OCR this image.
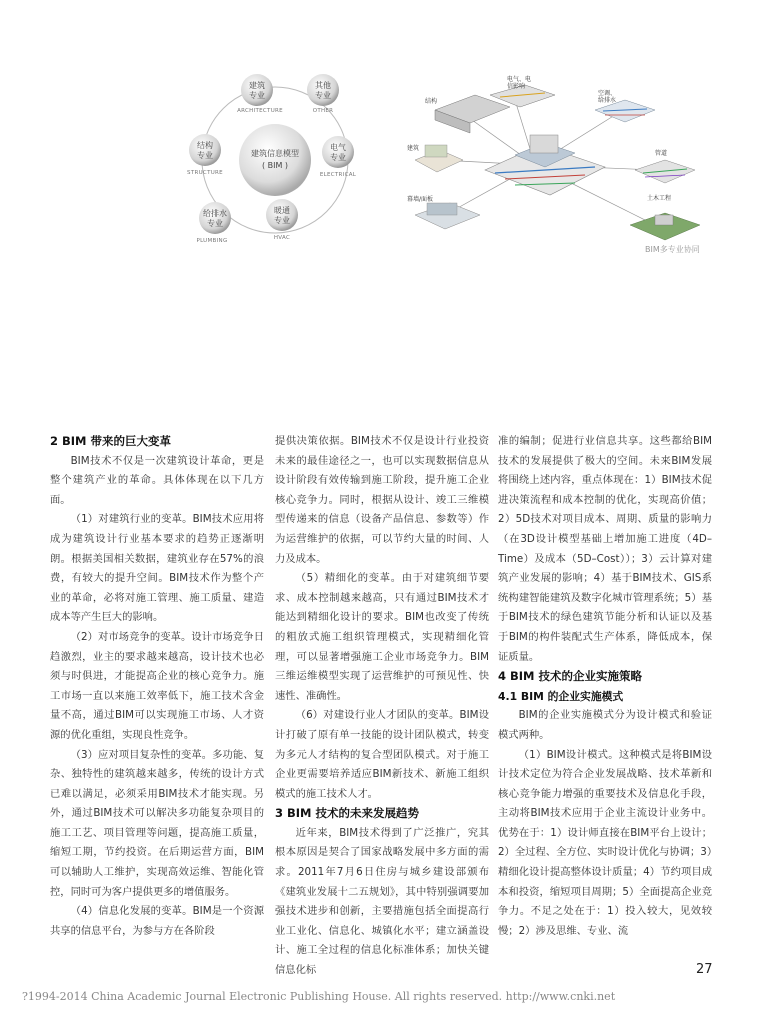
建筑信息模型
( BIM )
建筑
专业
ARCHITECTURE
其他
专业
OTHER
电气
专业
ELECTRICAL
暖通
专业
HVAC
给排水
专业
PLUMBING
结构
专业
STRUCTURE
电气、电
信影响
结构
空调、
给排水
建筑
管道
幕墙/面板	土木工程
BIM多专业协同
2 BIM 带来的巨大变革

BIM技术不仅是一次建筑设计革命，更是整个建筑产业的革命。具体体现在以下几方面。

（1）对建筑行业的变革。BIM技术应用将成为建筑设计行业基本要求的趋势正逐渐明朗。根据美国相关数据，建筑业存在57%的浪费，有较大的提升空间。BIM技术作为整个产业的革命，必将对施工管理、施工质量、建造成本等产生巨大的影响。

（2）对市场竞争的变革。设计市场竞争日趋激烈，业主的要求越来越高，设计技术也必须与时俱进，才能提高企业的核心竞争力。施工市场一直以来施工效率低下，施工技术含金量不高，通过BIM可以实现施工市场、人才资源的优化重组，实现良性竞争。

（3）应对项目复杂性的变革。多功能、复杂、独特性的建筑越来越多，传统的设计方式已难以满足，必须采用BIM技术才能实现。另外，通过BIM技术可以解决多功能复杂项目的施工工艺、项目管理等问题，提高施工质量，缩短工期，节约投资。在后期运营方面，BIM可以辅助人工维护，实现高效运维、智能化管控，同时可为客户提供更多的增值服务。

（4）信息化发展的变革。BIM是一个资源共享的信息平台，为参与方在各阶段

提供决策依据。BIM技术不仅是设计行业投资未来的最佳途径之一，也可以实现数据信息从设计阶段有效传输到施工阶段，提升施工企业核心竞争力。同时，根据从设计、竣工三维模型传递来的信息（设备产品信息、参数等）作为运营维护的依据，可以节约大量的时间、人力及成本。

（5）精细化的变革。由于对建筑细节要求、成本控制越来越高，只有通过BIM技术才能达到精细化设计的要求。BIM也改变了传统的粗放式施工组织管理模式，实现精细化管理，可以显著增强施工企业市场竞争力。BIM三维运维模型实现了运营维护的可预见性、快速性、准确性。

（6）对建设行业人才团队的变革。BIM设计打破了原有单一技能的设计团队模式，转变为多元人才结构的复合型团队模式。对于施工企业更需要培养适应BIM新技术、新施工组织模式的施工技术人才。

3 BIM 技术的未来发展趋势

近年来，BIM技术得到了广泛推广，究其根本原因是契合了国家战略发展中多方面的需求。2011年7月6日住房与城乡建设部颁布《建筑业发展十二五规划》，其中特别强调要加强技术进步和创新，主要措施包括全面提高行业工业化、信息化、城镇化水平；建立涵盖设计、施工全过程的信息化标准体系；加快关键信息化标

准的编制；促进行业信息共享。这些都给BIM技术的发展提供了极大的空间。未来BIM发展将围绕上述内容，重点体现在：1）BIM技术促进决策流程和成本控制的优化，实现高价值；2）5D技术对项目成本、周期、质量的影响力（在3D设计模型基础上增加施工进度（4D–Time）及成本（5D–Cost））；3）云计算对建筑产业发展的影响；4）基于BIM技术、GIS系统构建智能建筑及数字化城市管理系统；5）基于BIM技术的绿色建筑节能分析和认证以及基于BIM的构件装配式生产体系，降低成本，保证质量。

4 BIM 技术的企业实施策略
4.1 BIM 的企业实施模式

BIM的企业实施模式分为设计模式和验证模式两种。

（1）BIM设计模式。这种模式是将BIM设计技术定位为符合企业发展战略、技术革新和核心竞争能力增强的重要技术及信息化手段，主动将BIM技术应用于企业主流设计业务中。优势在于：1）设计师直接在BIM平台上设计；2）全过程、全方位、实时设计优化与协调；3）精细化设计提高整体设计质量；4）节约项目成本和投资，缩短项目周期；5）全面提高企业竞争力。不足之处在于：1）投入较大，见效较慢；2）涉及思维、专业、流

27
?1994-2014 China Academic Journal Electronic Publishing House. All rights reserved. http://www.cnki.net
